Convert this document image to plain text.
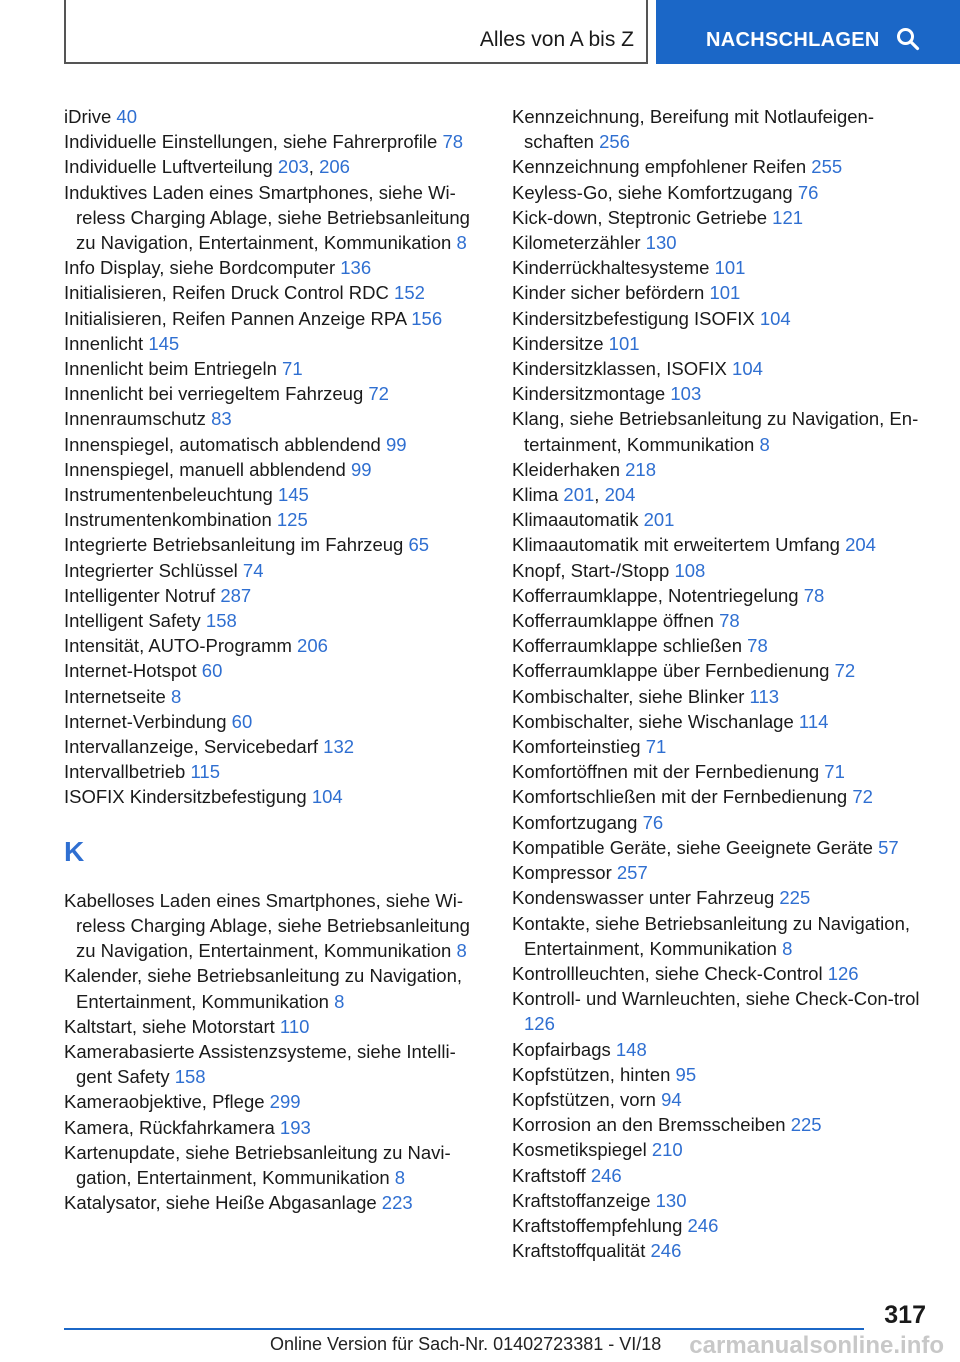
Alles von A bis Z	NACHSCHLAGEN

iDrive 40

Individuelle Einstellungen, siehe Fahrerprofile 78

Individuelle Luftverteilung 203, 206

Induktives Laden eines Smartphones, siehe Wi‐reless Charging Ablage, siehe Betriebsanleitung zu Navigation, Entertainment, Kommunikation 8

Info Display, siehe Bordcomputer 136

Initialisieren, Reifen Druck Control RDC 152

Initialisieren, Reifen Pannen Anzeige RPA 156

Innenlicht 145

Innenlicht beim Entriegeln 71

Innenlicht bei verriegeltem Fahrzeug 72

Innenraumschutz 83

Innenspiegel, automatisch abblendend 99

Innenspiegel, manuell abblendend 99

Instrumentenbeleuchtung 145

Instrumentenkombination 125

Integrierte Betriebsanleitung im Fahrzeug 65

Integrierter Schlüssel 74

Intelligenter Notruf 287

Intelligent Safety 158

Intensität, AUTO-Programm 206

Internet-Hotspot 60

Internetseite 8

Internet-Verbindung 60

Intervallanzeige, Servicebedarf 132

Intervallbetrieb 115

ISOFIX Kindersitzbefestigung 104

K

Kabelloses Laden eines Smartphones, siehe Wi‐reless Charging Ablage, siehe Betriebsanleitung zu Navigation, Entertainment, Kommunikation 8

Kalender, siehe Betriebsanleitung zu Navigation, Entertainment, Kommunikation 8

Kaltstart, siehe Motorstart 110

Kamerabasierte Assistenzsysteme, siehe Intelli‐gent Safety 158

Kameraobjektive, Pflege 299

Kamera, Rückfahrkamera 193

Kartenupdate, siehe Betriebsanleitung zu Navi‐gation, Entertainment, Kommunikation 8

Katalysator, siehe Heiße Abgasanlage 223

Kennzeichnung, Bereifung mit Notlaufeigen‐schaften 256

Kennzeichnung empfohlener Reifen 255

Keyless-Go, siehe Komfortzugang 76

Kick-down, Steptronic Getriebe 121

Kilometerzähler 130

Kinderrückhaltesysteme 101

Kinder sicher befördern 101

Kindersitzbefestigung ISOFIX 104

Kindersitze 101

Kindersitzklassen, ISOFIX 104

Kindersitzmontage 103

Klang, siehe Betriebsanleitung zu Navigation, En‐tertainment, Kommunikation 8

Kleiderhaken 218

Klima 201, 204

Klimaautomatik 201

Klimaautomatik mit erweitertem Umfang 204

Knopf, Start-/Stopp 108

Kofferraumklappe, Notentriegelung 78

Kofferraumklappe öffnen 78

Kofferraumklappe schließen 78

Kofferraumklappe über Fernbedienung 72

Kombischalter, siehe Blinker 113

Kombischalter, siehe Wischanlage 114

Komforteinstieg 71

Komfortöffnen mit der Fernbedienung 71

Komfortschließen mit der Fernbedienung 72

Komfortzugang 76

Kompatible Geräte, siehe Geeignete Geräte 57

Kompressor 257

Kondenswasser unter Fahrzeug 225

Kontakte, siehe Betriebsanleitung zu Navigation, Entertainment, Kommunikation 8

Kontrollleuchten, siehe Check-Control 126

Kontroll- und Warnleuchten, siehe Check-Con‐trol 126

Kopfairbags 148

Kopfstützen, hinten 95

Kopfstützen, vorn 94

Korrosion an den Bremsscheiben 225

Kosmetikspiegel 210

Kraftstoff 246

Kraftstoffanzeige 130

Kraftstoffempfehlung 246

Kraftstoffqualität 246

317
Online Version für Sach-Nr. 01402723381 - VI/18 carmanualsonline.info
